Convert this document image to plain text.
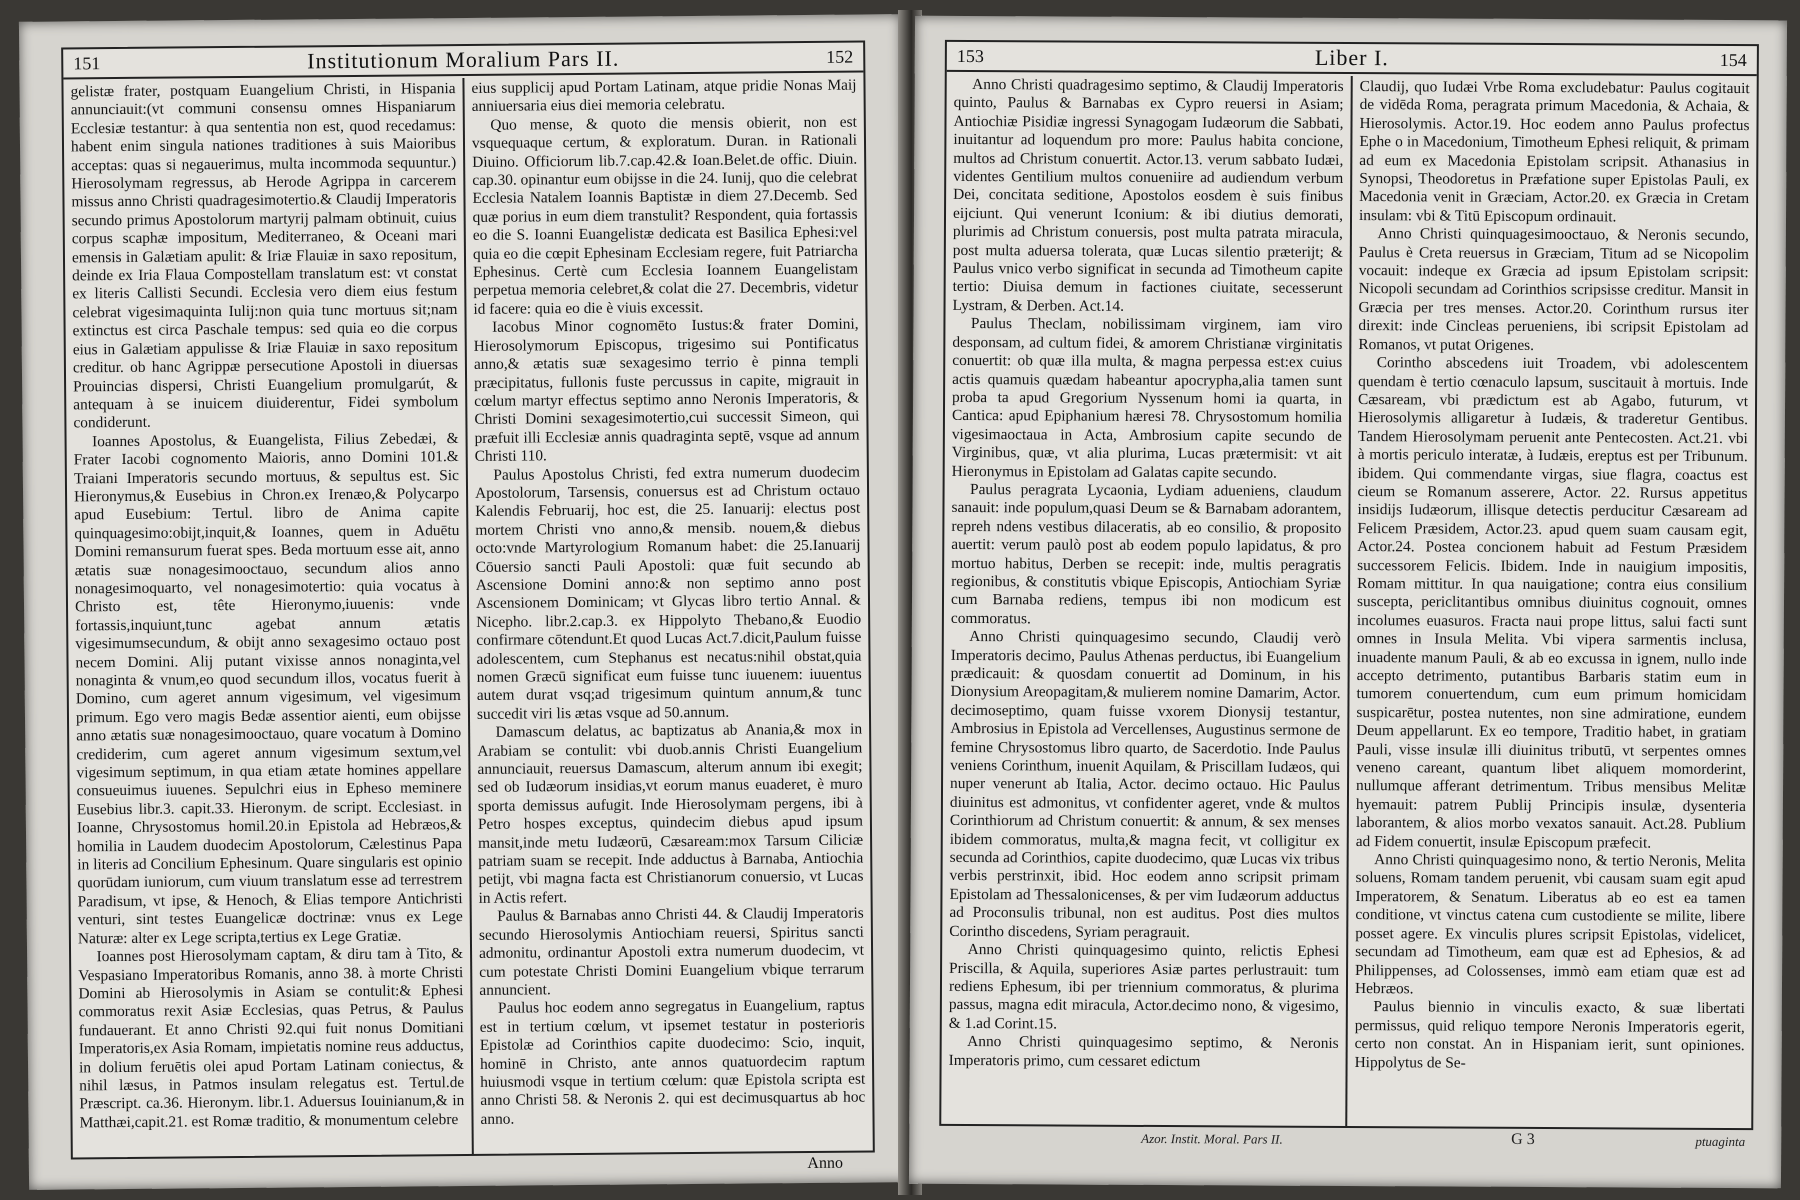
151	Institutionum Moralium Pars II.	152

gelistæ frater, postquam Euangelium Christi, in Hispania annunciauit:(vt communi consensu omnes Hispaniarum Ecclesiæ testantur: à qua sententia non est, quod recedamus: habent enim singula nationes traditiones à suis Maioribus acceptas: quas si negauerimus, multa incommoda sequuntur.) Hierosolymam regressus, ab Herode Agrippa in carcerem missus anno Christi quadragesimotertio.& Claudij Imperatoris secundo primus Apostolorum martyrij palmam obtinuit, cuius corpus scaphæ impositum, Mediterraneo, & Oceani mari emensis in Galætiam apulit: & Iriæ Flauiæ in saxo repositum, deinde ex Iria Flaua Compostellam translatum est: vt constat ex literis Callisti Secundi. Ecclesia vero diem eius festum celebrat vigesimaquinta Iulij:non quia tunc mortuus sit;nam extinctus est circa Paschale tempus: sed quia eo die corpus eius in Galætiam appulisse & Iriæ Flauiæ in saxo repositum creditur. ob hanc Agrippæ persecutione Apostoli in diuersas Prouincias dispersi, Christi Euangelium promulgarút, & antequam à se inuicem diuiderentur, Fidei symbolum condiderunt.

Ioannes Apostolus, & Euangelista, Filius Zebedæi, & Frater Iacobi cognomento Maioris, anno Domini 101.& Traiani Imperatoris secundo mortuus, & sepultus est. Sic Hieronymus,& Eusebius in Chron.ex Irenæo,& Polycarpo apud Eusebium: Tertul. libro de Anima capite quinquagesimo:obijt,inquit,& Ioannes, quem in Aduētu Domini remansurum fuerat spes. Beda mortuum esse ait, anno ætatis suæ nonagesimooctauo, secundum alios anno nonagesimoquarto, vel nonagesimotertio: quia vocatus à Christo est, tête Hieronymo,iuuenis: vnde fortassis,inquiunt,tunc agebat annum ætatis vigesimumsecundum, & obijt anno sexagesimo octauo post necem Domini. Alij putant vixisse annos nonaginta,vel nonaginta & vnum,eo quod secundum illos, vocatus fuerit à Domino, cum ageret annum vigesimum, vel vigesimum primum. Ego vero magis Bedæ assentior aienti, eum obijsse anno ætatis suæ nonagesimooctauo, quare vocatum à Domino crediderim, cum ageret annum vigesimum sextum,vel vigesimum septimum, in qua etiam ætate homines appellare consueuimus iuuenes. Sepulchri eius in Epheso meminere Eusebius libr.3. capit.33. Hieronym. de script. Ecclesiast. in Ioanne, Chrysostomus homil.20.in Epistola ad Hebræos,& homilia in Laudem duodecim Apostolorum, Cælestinus Papa in literis ad Concilium Ephesinum. Quare singularis est opinio quorūdam iuniorum, cum viuum translatum esse ad terrestrem Paradisum, vt ipse, & Henoch, & Elias tempore Antichristi venturi, sint testes Euangelicæ doctrinæ: vnus ex Lege Naturæ: alter ex Lege scripta,tertius ex Lege Gratiæ.

Ioannes post Hierosolymam captam, & diru tam à Tito, & Vespasiano Imperatoribus Romanis, anno 38. à morte Christi Domini ab Hierosolymis in Asiam se contulit:& Ephesi commoratus rexit Asiæ Ecclesias, quas Petrus, & Paulus fundauerant. Et anno Christi 92.qui fuit nonus Domitiani Imperatoris,ex Asia Romam, impietatis nomine reus adductus, in dolium feruētis olei apud Portam Latinam coniectus, & nihil læsus, in Patmos insulam relegatus est. Tertul.de Præscript. ca.36. Hieronym. libr.1. Aduersus Iouinianum,& in Matthæi,capit.21. est Romæ traditio, & monumentum celebre

eius supplicij apud Portam Latinam, atque pridie Nonas Maij anniuersaria eius diei memoria celebratu.

Quo mense, & quoto die mensis obierit, non est vsquequaque certum, & exploratum. Duran. in Rationali Diuino. Officiorum lib.7.cap.42.& Ioan.Belet.de offic. Diuin. cap.30. opinantur eum obijsse in die 24. Iunij, quo die celebrat Ecclesia Natalem Ioannis Baptistæ in diem 27.Decemb. Sed quæ porius in eum diem transtulit? Respondent, quia fortassis eo die S. Ioanni Euangelistæ dedicata est Basilica Ephesi:vel quia eo die cœpit Ephesinam Ecclesiam regere, fuit Patriarcha Ephesinus. Certè cum Ecclesia Ioannem Euangelistam perpetua memoria celebret,& colat die 27. Decembris, videtur id facere: quia eo die è viuis excessit.

Iacobus Minor cognomēto Iustus:& frater Domini, Hierosolymorum Episcopus, trigesimo sui Pontificatus anno,& ætatis suæ sexagesimo terrio è pinna templi præcipitatus, fullonis fuste percussus in capite, migrauit in cœlum martyr effectus septimo anno Neronis Imperatoris, & Christi Domini sexagesimotertio,cui successit Simeon, qui præfuit illi Ecclesiæ annis quadraginta septē, vsque ad annum Christi 110.

Paulus Apostolus Christi, fed extra numerum duodecim Apostolorum, Tarsensis, conuersus est ad Christum octauo Kalendis Februarij, hoc est, die 25. Ianuarij: electus post mortem Christi vno anno,& mensib. nouem,& diebus octo:vnde Martyrologium Romanum habet: die 25.Ianuarij Cōuersio sancti Pauli Apostoli: quæ fuit secundo ab Ascensione Domini anno:& non septimo anno post Ascensionem Dominicam; vt Glycas libro tertio Annal. & Nicepho. libr.2.cap.3. ex Hippolyto Thebano,& Euodio confirmare cōtendunt.Et quod Lucas Act.7.dicit,Paulum fuisse adolescentem, cum Stephanus est necatus:nihil obstat,quia nomen Græcū significat eum fuisse tunc iuuenem: iuuentus autem durat vsq;ad trigesimum quintum annum,& tunc succedit viri lis ætas vsque ad 50.annum.

Damascum delatus, ac baptizatus ab Anania,& mox in Arabiam se contulit: vbi duob.annis Christi Euangelium annunciauit, reuersus Damascum, alterum annum ibi exegit; sed ob Iudæorum insidias,vt eorum manus euaderet, è muro sporta demissus aufugit. Inde Hierosolymam pergens, ibi à Petro hospes exceptus, quindecim diebus apud ipsum mansit,inde metu Iudæorū, Cæsaream:mox Tarsum Ciliciæ patriam suam se recepit. Inde adductus à Barnaba, Antiochia petijt, vbi magna facta est Christianorum conuersio, vt Lucas in Actis refert.

Paulus & Barnabas anno Christi 44. & Claudij Imperatoris secundo Hierosolymis Antiochiam reuersi, Spiritus sancti admonitu, ordinantur Apostoli extra numerum duodecim, vt cum potestate Christi Domini Euangelium vbique terrarum annuncient.

Paulus hoc eodem anno segregatus in Euangelium, raptus est in tertium cœlum, vt ipsemet testatur in posterioris Epistolæ ad Corinthios capite duodecimo: Scio, inquit, hominē in Christo, ante annos quatuordecim raptum huiusmodi vsque in tertium cœlum: quæ Epistola scripta est anno Christi 58. & Neronis 2. qui est decimusquartus ab hoc anno.

Anno
153	Liber I.	154

Anno Christi quadragesimo septimo, & Claudij Imperatoris quinto, Paulus & Barnabas ex Cypro reuersi in Asiam; Antiochiæ Pisidiæ ingressi Synagogam Iudæorum die Sabbati, inuitantur ad loquendum pro more: Paulus habita concione, multos ad Christum conuertit. Actor.13. verum sabbato Iudæi, videntes Gentilium multos conueniire ad audiendum verbum Dei, concitata seditione, Apostolos eosdem è suis finibus eijciunt. Qui venerunt Iconium: & ibi diutius demorati, plurimis ad Christum conuersis, post multa patrata miracula, post multa aduersa tolerata, quæ Lucas silentio præterijt; & Paulus vnico verbo significat in secunda ad Timotheum capite tertio: Diuisa demum in factiones ciuitate, secesserunt Lystram, & Derben. Act.14.

Paulus Theclam, nobilissimam virginem, iam viro desponsam, ad cultum fidei, & amorem Christianæ virginitatis conuertit: ob quæ illa multa, & magna perpessa est:ex cuius actis quamuis quædam habeantur apocrypha,alia tamen sunt proba ta apud Gregorium Nyssenum homi ia quarta, in Cantica: apud Epiphanium hæresi 78. Chrysostomum homilia vigesimaoctaua in Acta, Ambrosium capite secundo de Virginibus, quæ, vt alia plurima, Lucas prætermisit: vt ait Hieronymus in Epistolam ad Galatas capite secundo.

Paulus peragrata Lycaonia, Lydiam adueniens, claudum sanauit: inde populum,quasi Deum se & Barnabam adorantem, repreh ndens vestibus dilaceratis, ab eo consilio, & proposito auertit: verum paulò post ab eodem populo lapidatus, & pro mortuo habitus, Derben se recepit: inde, multis peragratis regionibus, & constitutis vbique Episcopis, Antiochiam Syriæ cum Barnaba rediens, tempus ibi non modicum est commoratus.

Anno Christi quinquagesimo secundo, Claudij verò Imperatoris decimo, Paulus Athenas perductus, ibi Euangelium prædicauit: & quosdam conuertit ad Dominum, in his Dionysium Areopagitam,& mulierem nomine Damarim, Actor. decimoseptimo, quam fuisse vxorem Dionysij testantur, Ambrosius in Epistola ad Vercellenses, Augustinus sermone de femine Chrysostomus libro quarto, de Sacerdotio. Inde Paulus veniens Corinthum, inuenit Aquilam, & Priscillam Iudæos, qui nuper venerunt ab Italia, Actor. decimo octauo. Hic Paulus diuinitus est admonitus, vt confidenter ageret, vnde & multos Corinthiorum ad Christum conuertit: & annum, & sex menses ibidem commoratus, multa,& magna fecit, vt colligitur ex secunda ad Corinthios, capite duodecimo, quæ Lucas vix tribus verbis perstrinxit, ibid. Hoc eodem anno scripsit primam Epistolam ad Thessalonicenses, & per vim Iudæorum adductus ad Proconsulis tribunal, non est auditus. Post dies multos Corintho discedens, Syriam peragrauit.

Anno Christi quinquagesimo quinto, relictis Ephesi Priscilla, & Aquila, superiores Asiæ partes perlustrauit: tum rediens Ephesum, ibi per triennium commoratus, & plurima passus, magna edit miracula, Actor.decimo nono, & vigesimo, & 1.ad Corint.15.

Anno Christi quinquagesimo septimo, & Neronis Imperatoris primo, cum cessaret edictum

Claudij, quo Iudæi Vrbe Roma excludebatur: Paulus cogitauit de vidēda Roma, peragrata primum Macedonia, & Achaia, & Hierosolymis. Actor.19. Hoc eodem anno Paulus profectus Ephe o in Macedonium, Timotheum Ephesi reliquit, & primam ad eum ex Macedonia Epistolam scripsit. Athanasius in Synopsi, Theodoretus in Præfatione super Epistolas Pauli, ex Macedonia venit in Græciam, Actor.20. ex Græcia in Cretam insulam: vbi & Titū Episcopum ordinauit.

Anno Christi quinquagesimooctauo, & Neronis secundo, Paulus è Creta reuersus in Græciam, Titum ad se Nicopolim vocauit: indeque ex Græcia ad ipsum Epistolam scripsit: Nicopoli secundam ad Corinthios scripsisse creditur. Mansit in Græcia per tres menses. Actor.20. Corinthum rursus iter direxit: inde Cincleas perueniens, ibi scripsit Epistolam ad Romanos, vt putat Origenes.

Corintho abscedens iuit Troadem, vbi adolescentem quendam è tertio cœnaculo lapsum, suscitauit à mortuis. Inde Cæsaream, vbi prædictum est ab Agabo, futurum, vt Hierosolymis alligaretur à Iudæis, & traderetur Gentibus. Tandem Hierosolymam peruenit ante Pentecosten. Act.21. vbi à mortis periculo interatæ, à Iudæis, ereptus est per Tribunum. ibidem. Qui commendante virgas, siue flagra, coactus est cieum se Romanum asserere, Actor. 22. Rursus appetitus insidijs Iudæorum, illisque detectis perducitur Cæsaream ad Felicem Præsidem, Actor.23. apud quem suam causam egit, Actor.24. Postea concionem habuit ad Festum Præsidem successorem Felicis. Ibidem. Inde in nauigium impositis, Romam mittitur. In qua nauigatione; contra eius consilium suscepta, periclitantibus omnibus diuinitus cognouit, omnes incolumes euasuros. Fracta naui prope littus, salui facti sunt omnes in Insula Melita. Vbi vipera sarmentis inclusa, inuadente manum Pauli, & ab eo excussa in ignem, nullo inde accepto detrimento, putantibus Barbaris statim eum in tumorem conuertendum, cum eum primum homicidam suspicarētur, postea nutentes, non sine admiratione, eundem Deum appellarunt. Ex eo tempore, Traditio habet, in gratiam Pauli, visse insulæ illi diuinitus tributū, vt serpentes omnes veneno careant, quantum libet aliquem momorderint, nullumque afferant detrimentum. Tribus mensibus Melitæ hyemauit: patrem Publij Principis insulæ, dysenteria laborantem, & alios morbo vexatos sanauit. Act.28. Publium ad Fidem conuertit, insulæ Episcopum præfecit.

Anno Christi quinquagesimo nono, & tertio Neronis, Melita soluens, Romam tandem peruenit, vbi causam suam egit apud Imperatorem, & Senatum. Liberatus ab eo est ea tamen conditione, vt vinctus catena cum custodiente se milite, libere posset agere. Ex vinculis plures scripsit Epistolas, videlicet, secundam ad Timotheum, eam quæ est ad Ephesios, & ad Philippenses, ad Colossenses, immò eam etiam quæ est ad Hebræos.

Paulus biennio in vinculis exacto, & suæ libertati permissus, quid reliquo tempore Neronis Imperatoris egerit, certo non constat. An in Hispaniam ierit, sunt opiniones. Hippolytus de Se-

Azor. Instit. Moral. Pars II.	G 3	ptuaginta
